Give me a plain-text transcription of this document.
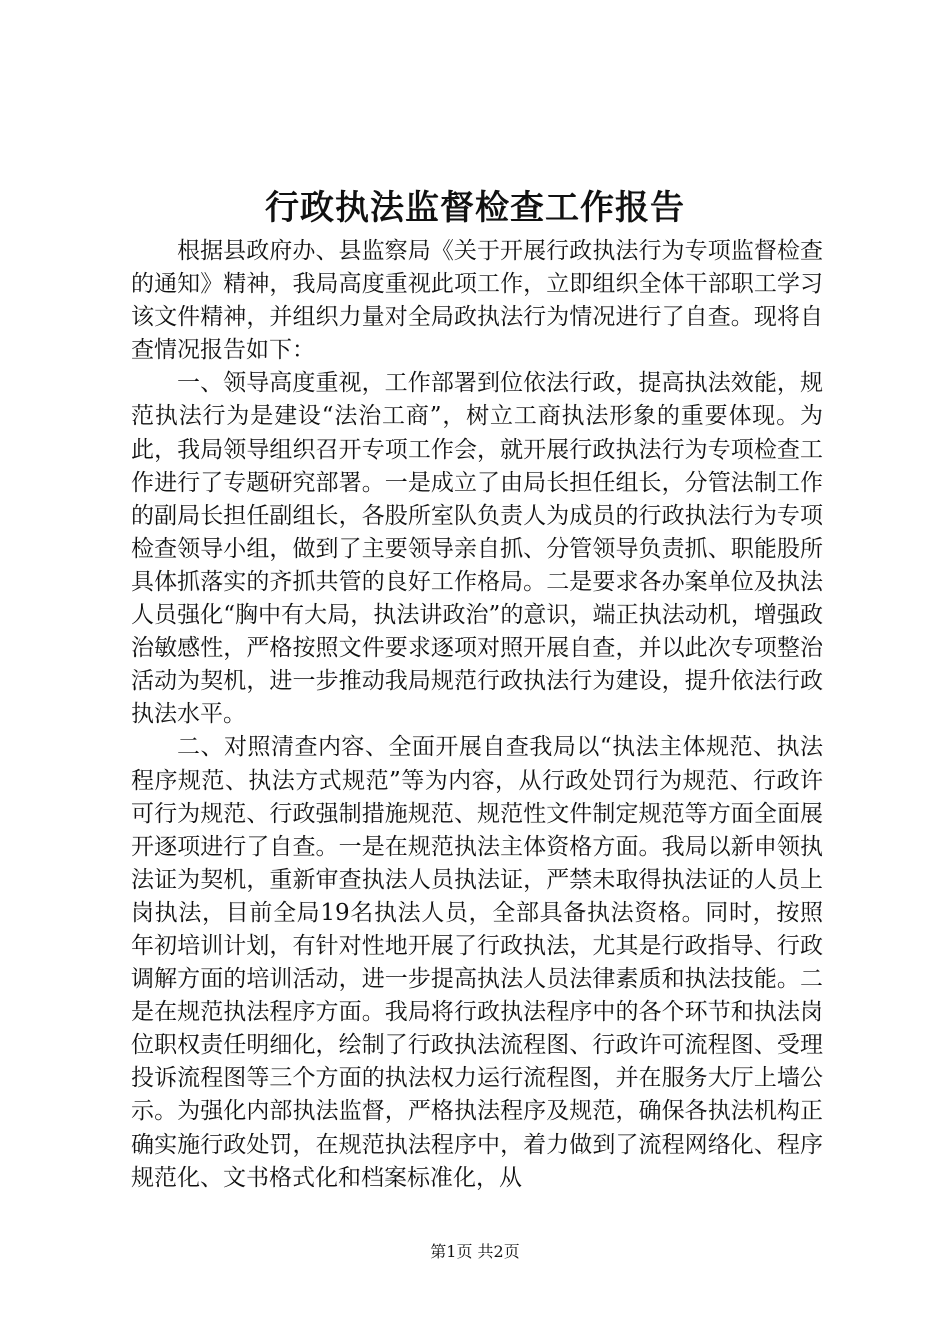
行政执法监督检查工作报告

根据县政府办、县监察局《关于开展行政执法行为专项监督检查的通知》精神，我局高度重视此项工作，立即组织全体干部职工学习该文件精神，并组织力量对全局政执法行为情况进行了自查。现将自查情况报告如下：

一、领导高度重视，工作部署到位依法行政，提高执法效能，规范执法行为是建设“法治工商”，树立工商执法形象的重要体现。为此，我局领导组织召开专项工作会，就开展行政执法行为专项检查工作进行了专题研究部署。一是成立了由局长担任组长，分管法制工作的副局长担任副组长，各股所室队负责人为成员的行政执法行为专项检查领导小组，做到了主要领导亲自抓、分管领导负责抓、职能股所具体抓落实的齐抓共管的良好工作格局。二是要求各办案单位及执法人员强化“胸中有大局，执法讲政治”的意识，端正执法动机，增强政治敏感性，严格按照文件要求逐项对照开展自查，并以此次专项整治活动为契机，进一步推动我局规范行政执法行为建设，提升依法行政执法水平。

二、对照清查内容、全面开展自查我局以“执法主体规范、执法程序规范、执法方式规范”等为内容，从行政处罚行为规范、行政许可行为规范、行政强制措施规范、规范性文件制定规范等方面全面展开逐项进行了自查。一是在规范执法主体资格方面。我局以新申领执法证为契机，重新审查执法人员执法证，严禁未取得执法证的人员上岗执法，目前全局19名执法人员，全部具备执法资格。同时，按照年初培训计划，有针对性地开展了行政执法，尤其是行政指导、行政调解方面的培训活动，进一步提高执法人员法律素质和执法技能。二是在规范执法程序方面。我局将行政执法程序中的各个环节和执法岗位职权责任明细化，绘制了行政执法流程图、行政许可流程图、受理投诉流程图等三个方面的执法权力运行流程图，并在服务大厅上墙公示。为强化内部执法监督，严格执法程序及规范，确保各执法机构正确实施行政处罚，在规范执法程序中，着力做到了流程网络化、程序规范化、文书格式化和档案标准化，从

第1页 共2页
